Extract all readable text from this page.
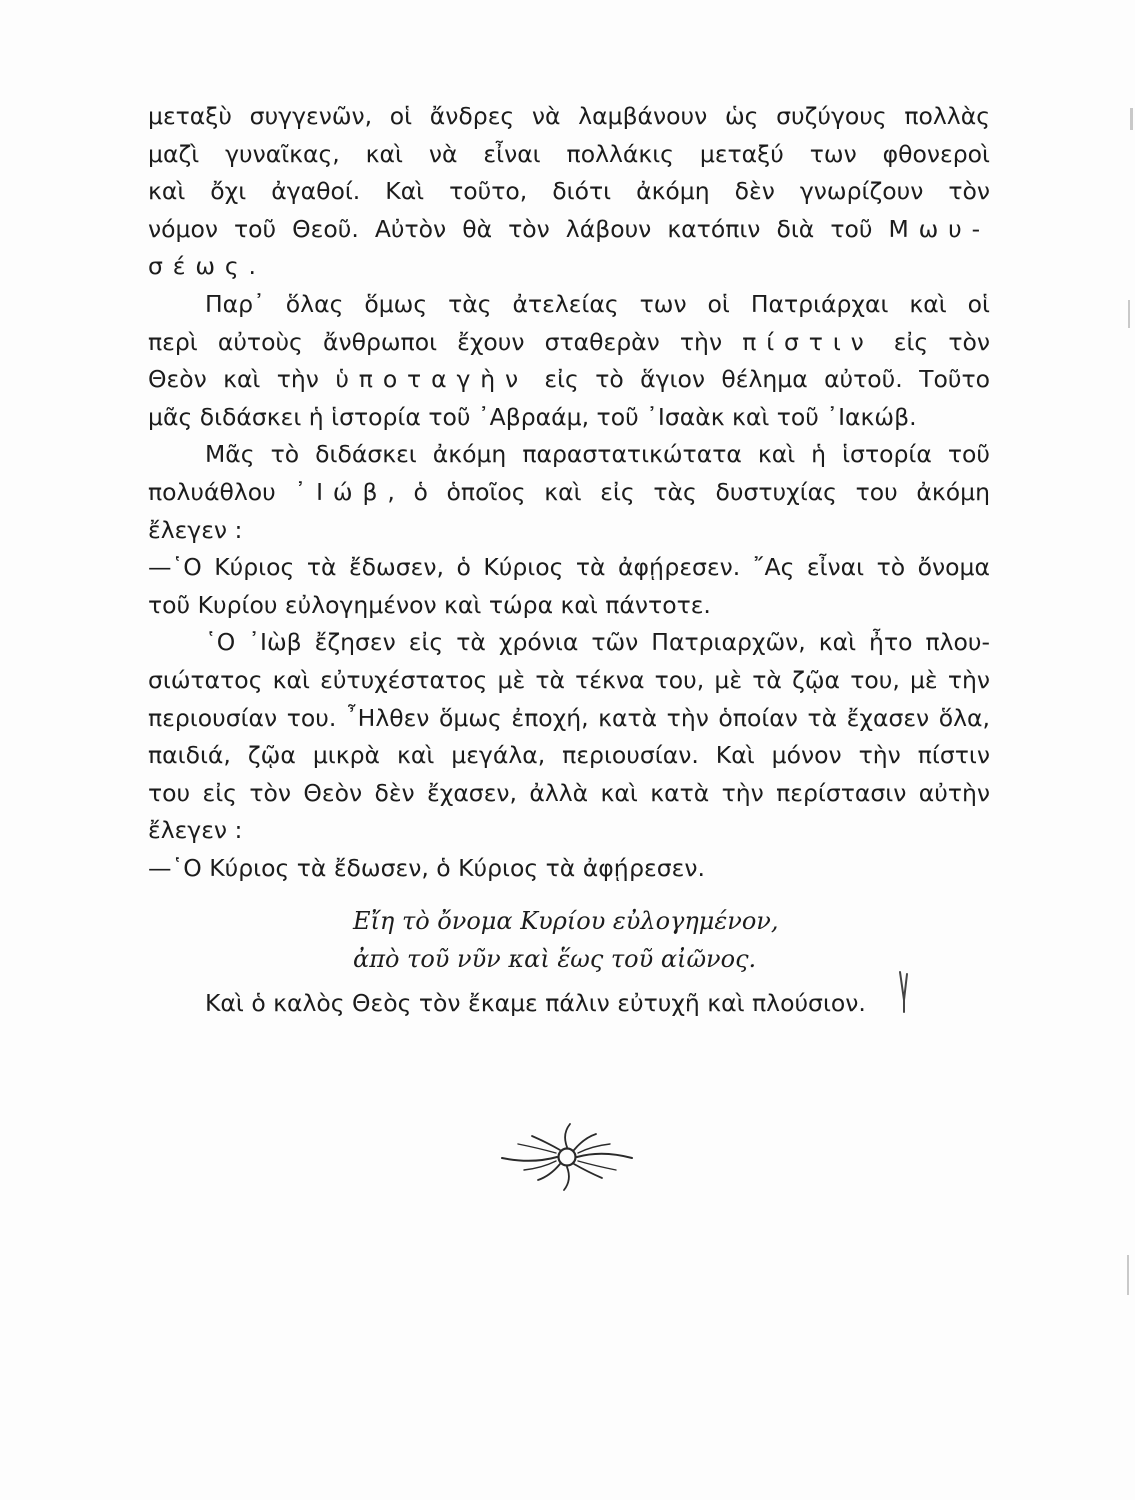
μεταξὺ συγγενῶν, οἱ ἄνδρες νὰ λαμβάνουν ὡς συζύγους πολλὰς
μαζὶ γυναῖκας, καὶ νὰ εἶναι πολλάκις μεταξύ των φθονεροὶ
καὶ ὄχι ἀγαθοί. Καὶ τοῦτο, διότι ἀκόμη δὲν γνωρίζουν τὸν
νόμον τοῦ Θεοῦ. Αὐτὸν θὰ τὸν λάβουν κατόπιν διὰ τοῦ Μωυ-
σέως.
Παρ᾽ ὅλας ὅμως τὰς ἀτελείας των οἱ Πατριάρχαι καὶ οἱ
περὶ αὐτοὺς ἄνθρωποι ἔχουν σταθερὰν τὴν πίστιν εἰς τὸν
Θεὸν καὶ τὴν ὑποταγὴν εἰς τὸ ἅγιον θέλημα αὐτοῦ. Τοῦτο
μᾶς διδάσκει ἡ ἱστορία τοῦ ᾿Αβραάμ, τοῦ ᾿Ισαὰκ καὶ τοῦ ᾿Ιακώβ.
Μᾶς τὸ διδάσκει ἀκόμη παραστατικώτατα καὶ ἡ ἱστορία τοῦ
πολυάθλου ᾿Ιώβ, ὁ ὁποῖος καὶ εἰς τὰς δυστυχίας του ἀκόμη
ἔλεγεν :
—῾Ο Κύριος τὰ ἔδωσεν, ὁ Κύριος τὰ ἀφῄρεσεν. ῎Ας εἶναι τὸ ὄνομα
τοῦ Κυρίου εὐλογημένον καὶ τώρα καὶ πάντοτε.
῾Ο ᾿Ιὼβ ἔζησεν εἰς τὰ χρόνια τῶν Πατριαρχῶν, καὶ ἦτο πλου-
σιώτατος καὶ εὐτυχέστατος μὲ τὰ τέκνα του, μὲ τὰ ζῷα του, μὲ τὴν
περιουσίαν του. ῏Ηλθεν ὅμως ἐποχή, κατὰ τὴν ὁποίαν τὰ ἔχασεν ὅλα,
παιδιά, ζῷα μικρὰ καὶ μεγάλα, περιουσίαν. Καὶ μόνον τὴν πίστιν
του εἰς τὸν Θεὸν δὲν ἔχασεν, ἀλλὰ καὶ κατὰ τὴν περίστασιν αὐτὴν
ἔλεγεν :
—῾Ο Κύριος τὰ ἔδωσεν, ὁ Κύριος τὰ ἀφῄρεσεν.
Εἴη τὸ ὄνομα Κυρίου εὐλογημένον,
ἀπὸ τοῦ νῦν καὶ ἕως τοῦ αἰῶνος.
Καὶ ὁ καλὸς Θεὸς τὸν ἔκαμε πάλιν εὐτυχῆ καὶ πλούσιον.
